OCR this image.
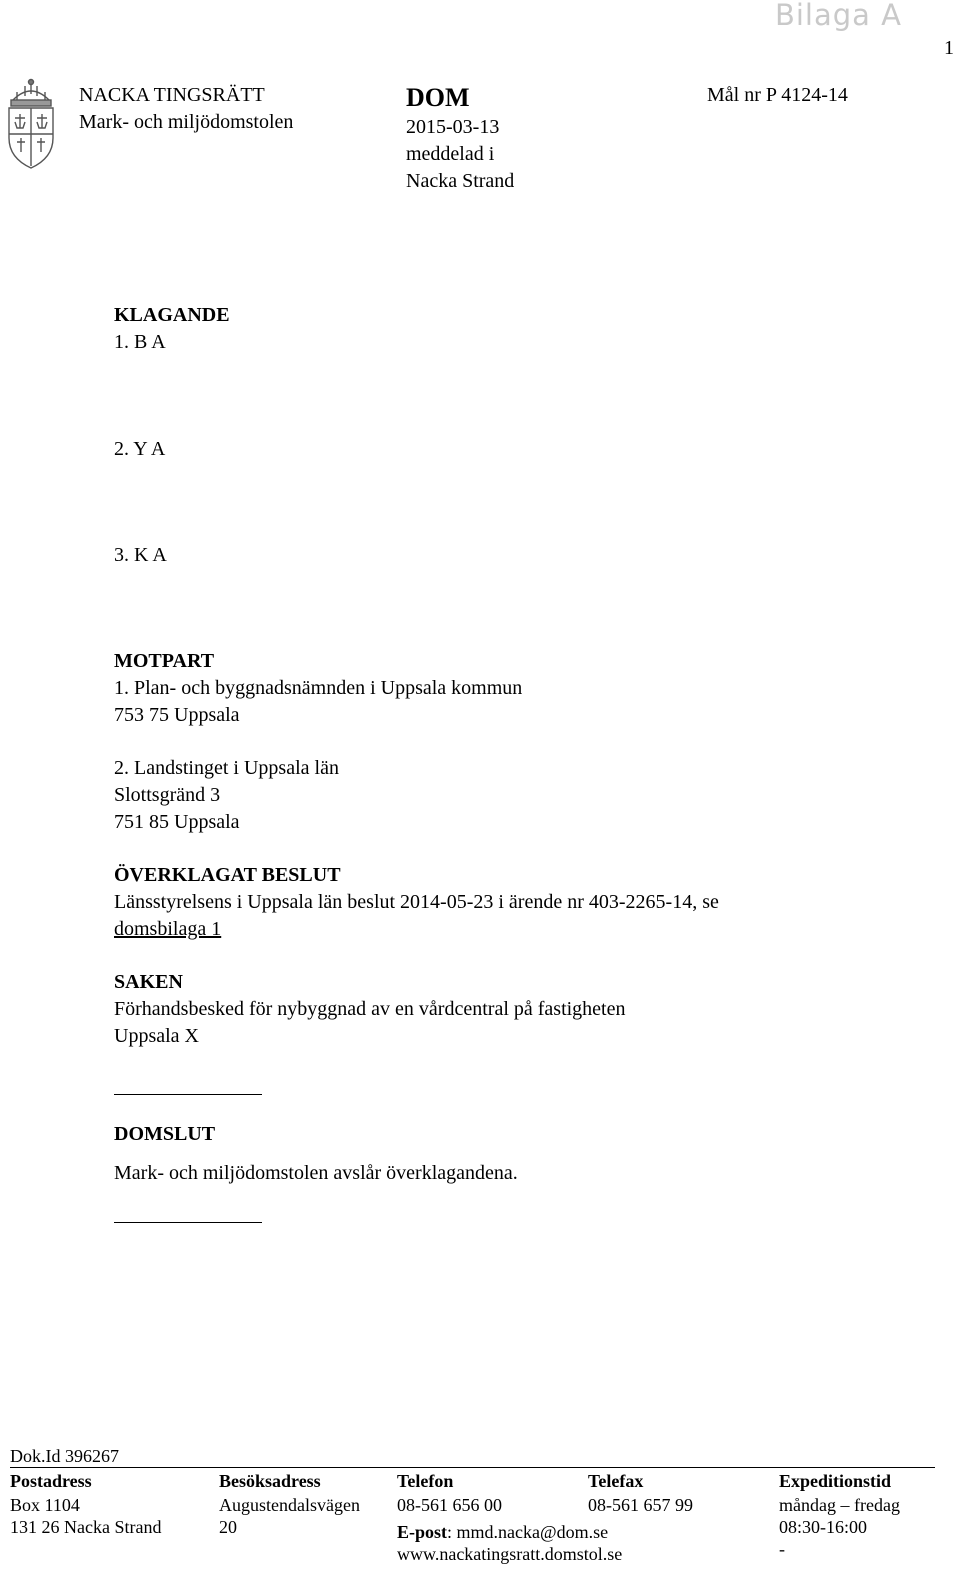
Bilaga A
1
NACKA TINGSRÄTT
Mark- och miljödomstolen
DOM
2015-03-13
meddelad i
Nacka Strand
Mål nr P 4124-14
KLAGANDE
1. B A
2. Y A
3. K A
MOTPART
1. Plan- och byggnadsnämnden i Uppsala kommun
753 75 Uppsala
2. Landstinget i Uppsala län
Slottsgränd 3
751 85 Uppsala
ÖVERKLAGAT BESLUT
Länsstyrelsens i Uppsala län beslut 2014-05-23 i ärende nr 403-2265-14, se
domsbilaga 1
SAKEN
Förhandsbesked för nybyggnad av en vårdcentral på fastigheten
Uppsala X
DOMSLUT
Mark- och miljödomstolen avslår överklagandena.
Dok.Id 396267
Postadress
Box 1104
131 26 Nacka Strand
Besöksadress
Augustendalsvägen
20
Telefon
08-561 656 00
E-post: mmd.nacka@dom.se
www.nackatingsratt.domstol.se
Telefax
08-561 657 99
Expeditionstid
måndag – fredag
08:30-16:00
-
